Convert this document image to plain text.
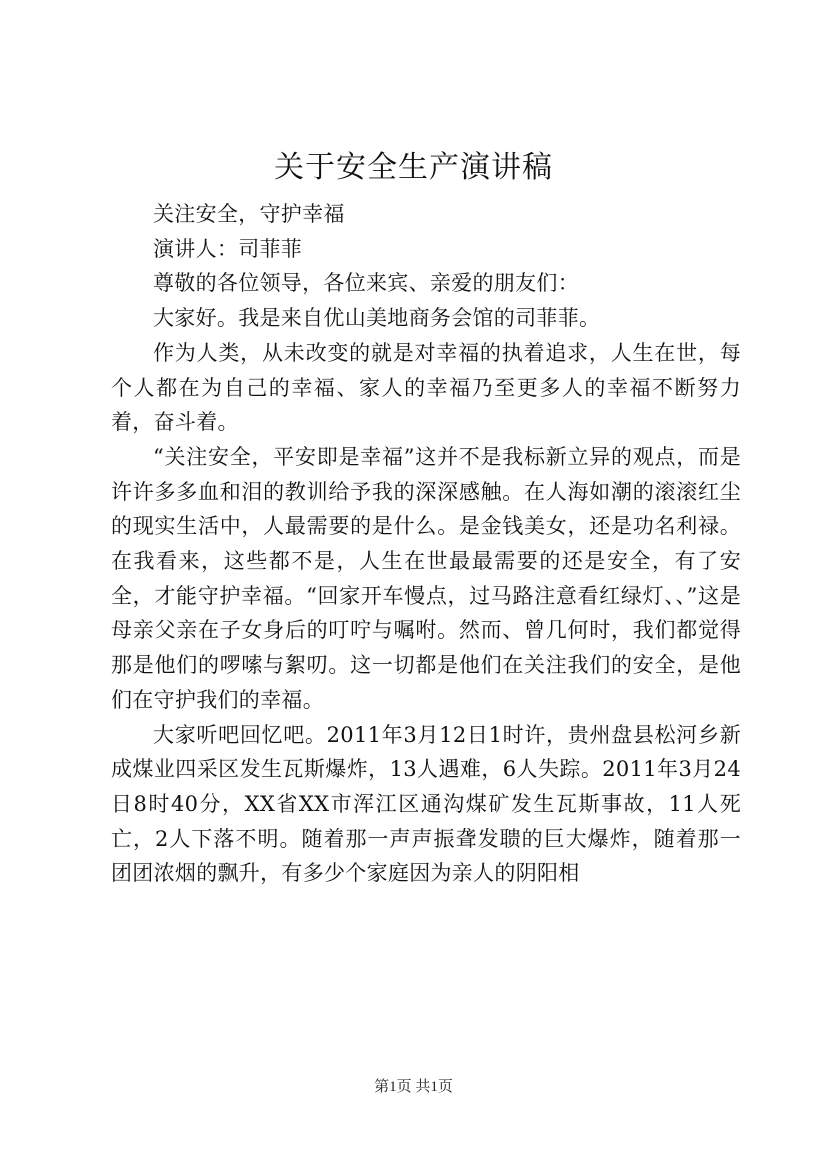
关于安全生产演讲稿

关注安全，守护幸福

演讲人：司菲菲

尊敬的各位领导，各位来宾、亲爱的朋友们：

大家好。我是来自优山美地商务会馆的司菲菲。

作为人类，从未改变的就是对幸福的执着追求，人生在世，每个人都在为自己的幸福、家人的幸福乃至更多人的幸福不断努力着，奋斗着。

“关注安全，平安即是幸福”这并不是我标新立异的观点，而是许许多多血和泪的教训给予我的深深感触。在人海如潮的滚滚红尘的现实生活中，人最需要的是什么。是金钱美女，还是功名利禄。在我看来，这些都不是，人生在世最最需要的还是安全，有了安全，才能守护幸福。“回家开车慢点，过马路注意看红绿灯、、”这是母亲父亲在子女身后的叮咛与嘱咐。然而、曾几何时，我们都觉得那是他们的啰嗦与絮叨。这一切都是他们在关注我们的安全，是他们在守护我们的幸福。

大家听吧回忆吧。2011年3月12日1时许，贵州盘县松河乡新成煤业四采区发生瓦斯爆炸，13人遇难，6人失踪。2011年3月24日8时40分，XX省XX市浑江区通沟煤矿发生瓦斯事故，11人死亡，2人下落不明。随着那一声声振聋发聩的巨大爆炸，随着那一团团浓烟的飘升，有多少个家庭因为亲人的阴阳相

第1页 共1页
